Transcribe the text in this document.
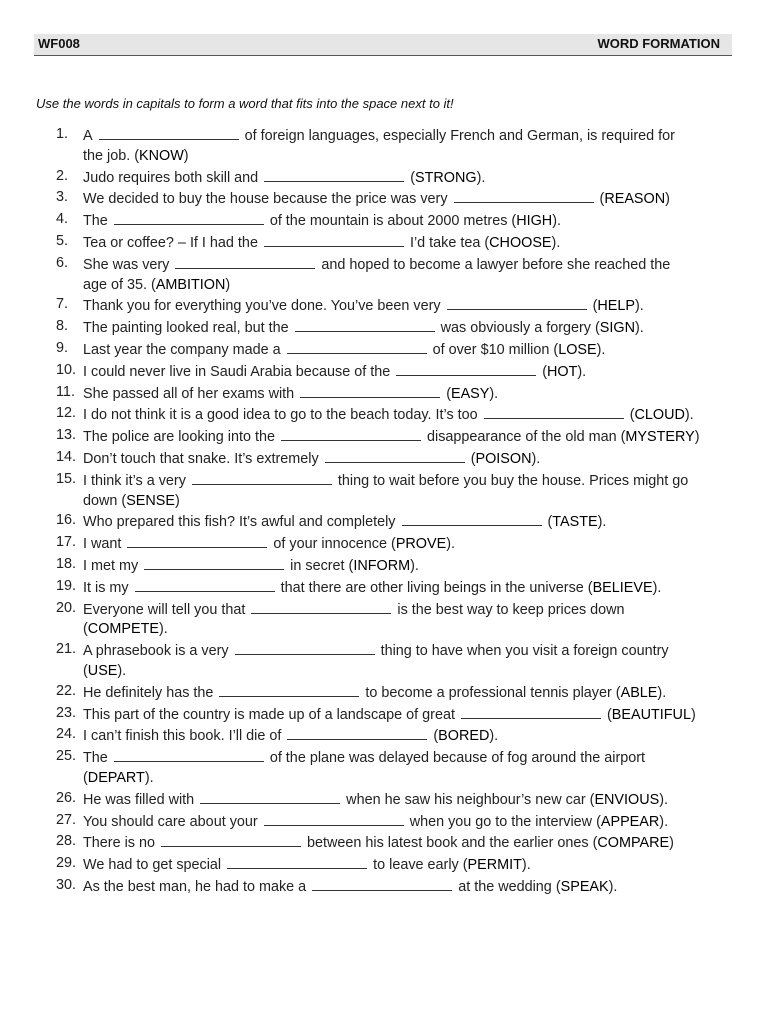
WF008	WORD FORMATION
Use the words in capitals to form a word that fits into the space next to it!
1.	A	of foreign languages, especially French and German, is required for
the job. (KNOW)
2.	Judo requires both skill and	(STRONG).
3.	We decided to buy the house because the price was very	(REASON)
4.	The	of the mountain is about 2000 metres (HIGH).
5.	Tea or coffee? – If I had the	I’d take tea (CHOOSE).
6.	She was very	and hoped to become a lawyer before she reached the
age of 35. (AMBITION)
7.	Thank you for everything you’ve done. You’ve been very	(HELP).
8.	The painting looked real, but the	was obviously a forgery (SIGN).
9.	Last year the company made a	of over $10 million (LOSE).
10. I could never live in Saudi Arabia because of the	(HOT).
11. She passed all of her exams with	(EASY).
12. I do not think it is a good idea to go to the beach today. It’s too	(CLOUD).
13. The police are looking into the	disappearance of the old man (MYSTERY)
14. Don’t touch that snake. It’s extremely	(POISON).
15. I think it’s a very	thing to wait before you buy the house. Prices might go
down (SENSE)
16. Who prepared this fish? It’s awful and completely	(TASTE).
17. I want	of your innocence (PROVE).
18. I met my	in secret (INFORM).
19. It is my	that there are other living beings in the universe (BELIEVE).
20. Everyone will tell you that	is the best way to keep prices down
(COMPETE).
21. A phrasebook is a very	thing to have when you visit a foreign country
(USE).
22. He definitely has the	to become a professional tennis player (ABLE).
23. This part of the country is made up of a landscape of great	(BEAUTIFUL)
24. I can’t finish this book. I’ll die of	(BORED).
25. The	of the plane was delayed because of fog around the airport
(DEPART).
26. He was filled with	when he saw his neighbour’s new car (ENVIOUS).
27. You should care about your	when you go to the interview (APPEAR).
28. There is no	between his latest book and the earlier ones (COMPARE)
29. We had to get special	to leave early (PERMIT).
30. As the best man, he had to make a	at the wedding (SPEAK).
